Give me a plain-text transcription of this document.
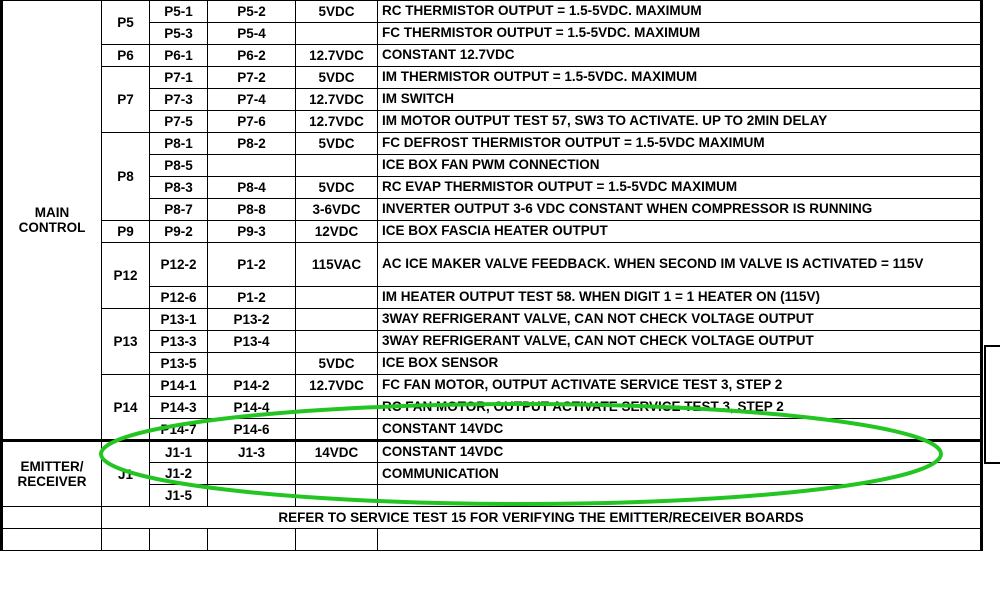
MAIN
CONTROL	P5	P5-1	P5-2	5VDC	RC THERMISTOR OUTPUT = 1.5-5VDC. MAXIMUM
		P5-3	P5-4		FC THERMISTOR OUTPUT = 1.5-5VDC. MAXIMUM
	P6	P6-1	P6-2	12.7VDC	CONSTANT 12.7VDC
	P7	P7-1	P7-2	5VDC	IM THERMISTOR OUTPUT = 1.5-5VDC. MAXIMUM
		P7-3	P7-4	12.7VDC	IM SWITCH
		P7-5	P7-6	12.7VDC	IM MOTOR OUTPUT TEST 57, SW3 TO ACTIVATE. UP TO 2MIN DELAY
	P8	P8-1	P8-2	5VDC	FC DEFROST THERMISTOR OUTPUT = 1.5-5VDC MAXIMUM
		P8-5			ICE BOX FAN PWM CONNECTION
		P8-3	P8-4	5VDC	RC EVAP THERMISTOR OUTPUT = 1.5-5VDC MAXIMUM
		P8-7	P8-8	3-6VDC	INVERTER OUTPUT 3-6 VDC CONSTANT WHEN COMPRESSOR IS RUNNING
	P9	P9-2	P9-3	12VDC	ICE BOX FASCIA HEATER OUTPUT
	P12	P12-2	P1-2	115VAC	AC ICE MAKER VALVE FEEDBACK. WHEN SECOND IM VALVE IS ACTIVATED = 115V
		P12-6	P1-2		IM HEATER OUTPUT TEST 58. WHEN DIGIT 1 = 1 HEATER ON (115V)
	P13	P13-1	P13-2		3WAY REFRIGERANT VALVE, CAN NOT CHECK VOLTAGE OUTPUT
		P13-3	P13-4		3WAY REFRIGERANT VALVE, CAN NOT CHECK VOLTAGE OUTPUT
		P13-5		5VDC	ICE BOX SENSOR
	P14	P14-1	P14-2	12.7VDC	FC FAN MOTOR, OUTPUT ACTIVATE SERVICE TEST 3, STEP 2
		P14-3	P14-4		RC FAN MOTOR, OUTPUT ACTIVATE SERVICE TEST 3, STEP 2
		P14-7	P14-6		CONSTANT 14VDC
EMITTER/
RECEIVER	J1	J1-1	J1-3	14VDC	CONSTANT 14VDC
		J1-2			COMMUNICATION
		J1-5			
	REFER TO SERVICE TEST 15 FOR VERIFYING THE EMITTER/RECEIVER BOARDS				
